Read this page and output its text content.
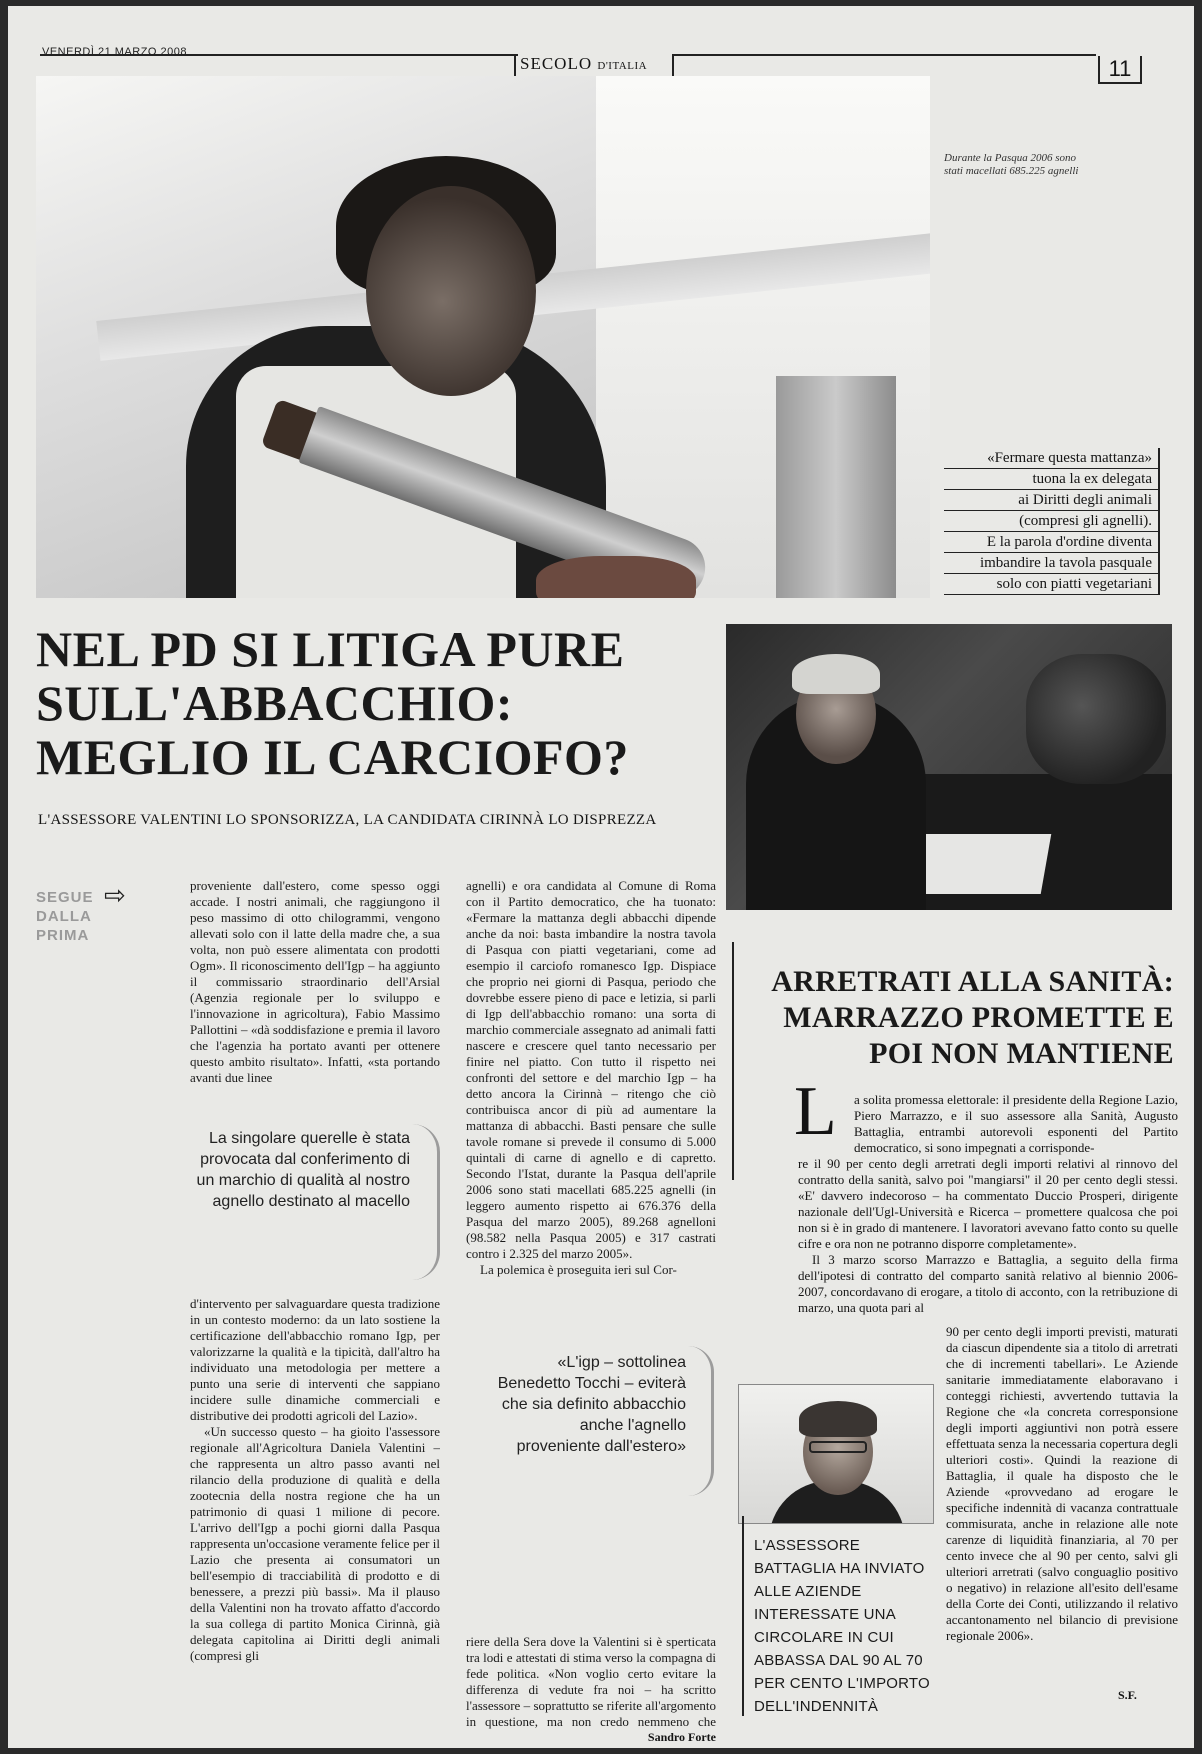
VENERDÌ 21 MARZO 2008
SECOLO D'ITALIA	11
Durante la Pasqua 2006 sono stati macellati 685.225 agnelli
«Fermare questa mattanza»
tuona la ex delegata
ai Diritti degli animali
(compresi gli agnelli).
E la parola d'ordine diventa
imbandire la tavola pasquale
solo con piatti vegetariani
NEL PD SI LITIGA PURE SULL'ABBACCHIO: MEGLIO IL CARCIOFO?
L'ASSESSORE VALENTINI LO SPONSORIZZA, LA CANDIDATA CIRINNÀ LO DISPREZZA
SEGUE
DALLA
PRIMA
⇨	proveniente dall'estero, come spesso oggi accade. I nostri animali, che raggiungono il peso massimo di otto chilogrammi, vengono allevati solo con il latte della madre che, a sua volta, non può essere alimentata con prodotti Ogm». Il riconoscimento dell'Igp – ha aggiunto il commissario straordinario dell'Arsial (Agenzia regionale per lo sviluppo e l'innovazione in agricoltura), Fabio Massimo Pallottini – «dà soddisfazione e premia il lavoro che l'agenzia ha portato avanti per ottenere questo ambito risultato». Infatti, «sta portando avanti due linee

La singolare querelle è stata provocata dal conferimento di un marchio di qualità al nostro agnello destinato al macello

d'intervento per salvaguardare questa tradizione in un contesto moderno: da un lato sostiene la certificazione dell'abbacchio romano Igp, per valorizzarne la qualità e la tipicità, dall'altro ha individuato una metodologia per mettere a punto una serie di interventi che sappiano incidere sulle dinamiche commerciali e distributive dei prodotti agricoli del Lazio».

«Un successo questo – ha gioito l'assessore regionale all'Agricoltura Daniela Valentini – che rappresenta un altro passo avanti nel rilancio della produzione di qualità e della zootecnia della nostra regione che ha un patrimonio di quasi 1 milione di pecore. L'arrivo dell'Igp a pochi giorni dalla Pasqua rappresenta un'occasione veramente felice per il Lazio che presenta ai consumatori un bell'esempio di tracciabilità di prodotto e di benessere, a prezzi più bassi». Ma il plauso della Valentini non ha trovato affatto d'accordo la sua collega di partito Monica Cirinnà, già delegata capitolina ai Diritti degli animali (compresi gli

agnelli) e ora candidata al Comune di Roma con il Partito democratico, che ha tuonato: «Fermare la mattanza degli abbacchi dipende anche da noi: basta imbandire la nostra tavola di Pasqua con piatti vegetariani, come ad esempio il carciofo romanesco Igp. Dispiace che proprio nei giorni di Pasqua, periodo che dovrebbe essere pieno di pace e letizia, si parli di Igp dell'abbacchio romano: una sorta di marchio commerciale assegnato ad animali fatti nascere e crescere quel tanto necessario per finire nel piatto. Con tutto il rispetto nei confronti del settore e del marchio Igp – ha detto ancora la Cirinnà – ritengo che ciò contribuisca ancor di più ad aumentare la mattanza di abbacchi. Basti pensare che sulle tavole romane si prevede il consumo di 5.000 quintali di carne di agnello e di capretto. Secondo l'Istat, durante la Pasqua dell'aprile 2006 sono stati macellati 685.225 agnelli (in leggero aumento rispetto ai 676.376 della Pasqua del marzo 2005), 89.268 agnelloni (98.582 nella Pasqua 2005) e 317 castrati contro i 2.325 del marzo 2005».

La polemica è proseguita ieri sul Cor-

«L'igp – sottolinea Benedetto Tocchi – eviterà che sia definito abbacchio anche l'agnello proveniente dall'estero»

riere della Sera dove la Valentini si è sperticata tra lodi e attestati di stima verso la compagna di fede politica. «Non voglio certo evitare la differenza di vedute fra noi – ha scritto l'assessore – soprattutto se riferite all'argomento in questione, ma non credo nemmeno che

Sandro Forte
ARRETRATI ALLA SANITÀ: MARRAZZO PROMETTE E POI NON MANTIENE
L a solita promessa elettorale: il presidente della Regione Lazio, Piero Marrazzo, e il suo assessore alla Sanità, Augusto Battaglia, entrambi autorevoli esponenti del Partito democratico, si sono impegnati a corrisponde-

re il 90 per cento degli arretrati degli importi relativi al rinnovo del contratto della sanità, salvo poi "mangiarsi" il 20 per cento degli stessi. «E' davvero indecoroso – ha commentato Duccio Prosperi, dirigente nazionale dell'Ugl-Università e Ricerca – promettere qualcosa che poi non si è in grado di mantenere. I lavoratori avevano fatto conto su quelle cifre e ora non ne potranno disporre completamente».

Il 3 marzo scorso Marrazzo e Battaglia, a seguito della firma dell'ipotesi di contratto del comparto sanità relativo al biennio 2006-2007, concordavano di erogare, a titolo di acconto, con la retribuzione di marzo, una quota pari al

90 per cento degli importi previsti, maturati da ciascun dipendente sia a titolo di arretrati che di incrementi tabellari». Le Aziende sanitarie immediatamente elaboravano i conteggi richiesti, avvertendo tuttavia la Regione che «la concreta corresponsione degli importi aggiuntivi non potrà essere effettuata senza la necessaria copertura degli ulteriori costi». Quindi la reazione di Battaglia, il quale ha disposto che le Aziende «provvedano ad erogare le specifiche indennità di vacanza contrattuale commisurata, anche in relazione alle note carenze di liquidità finanziaria, al 70 per cento invece che al 90 per cento, salvi gli ulteriori arretrati (salvo conguaglio positivo o negativo) in relazione all'esito dell'esame della Corte dei Conti, utilizzando il relativo accantonamento nel bilancio di previsione regionale 2006».
S.F.
L'ASSESSORE BATTAGLIA HA INVIATO ALLE AZIENDE INTERESSATE UNA CIRCOLARE IN CUI ABBASSA DAL 90 AL 70 PER CENTO L'IMPORTO DELL'INDENNITÀ
